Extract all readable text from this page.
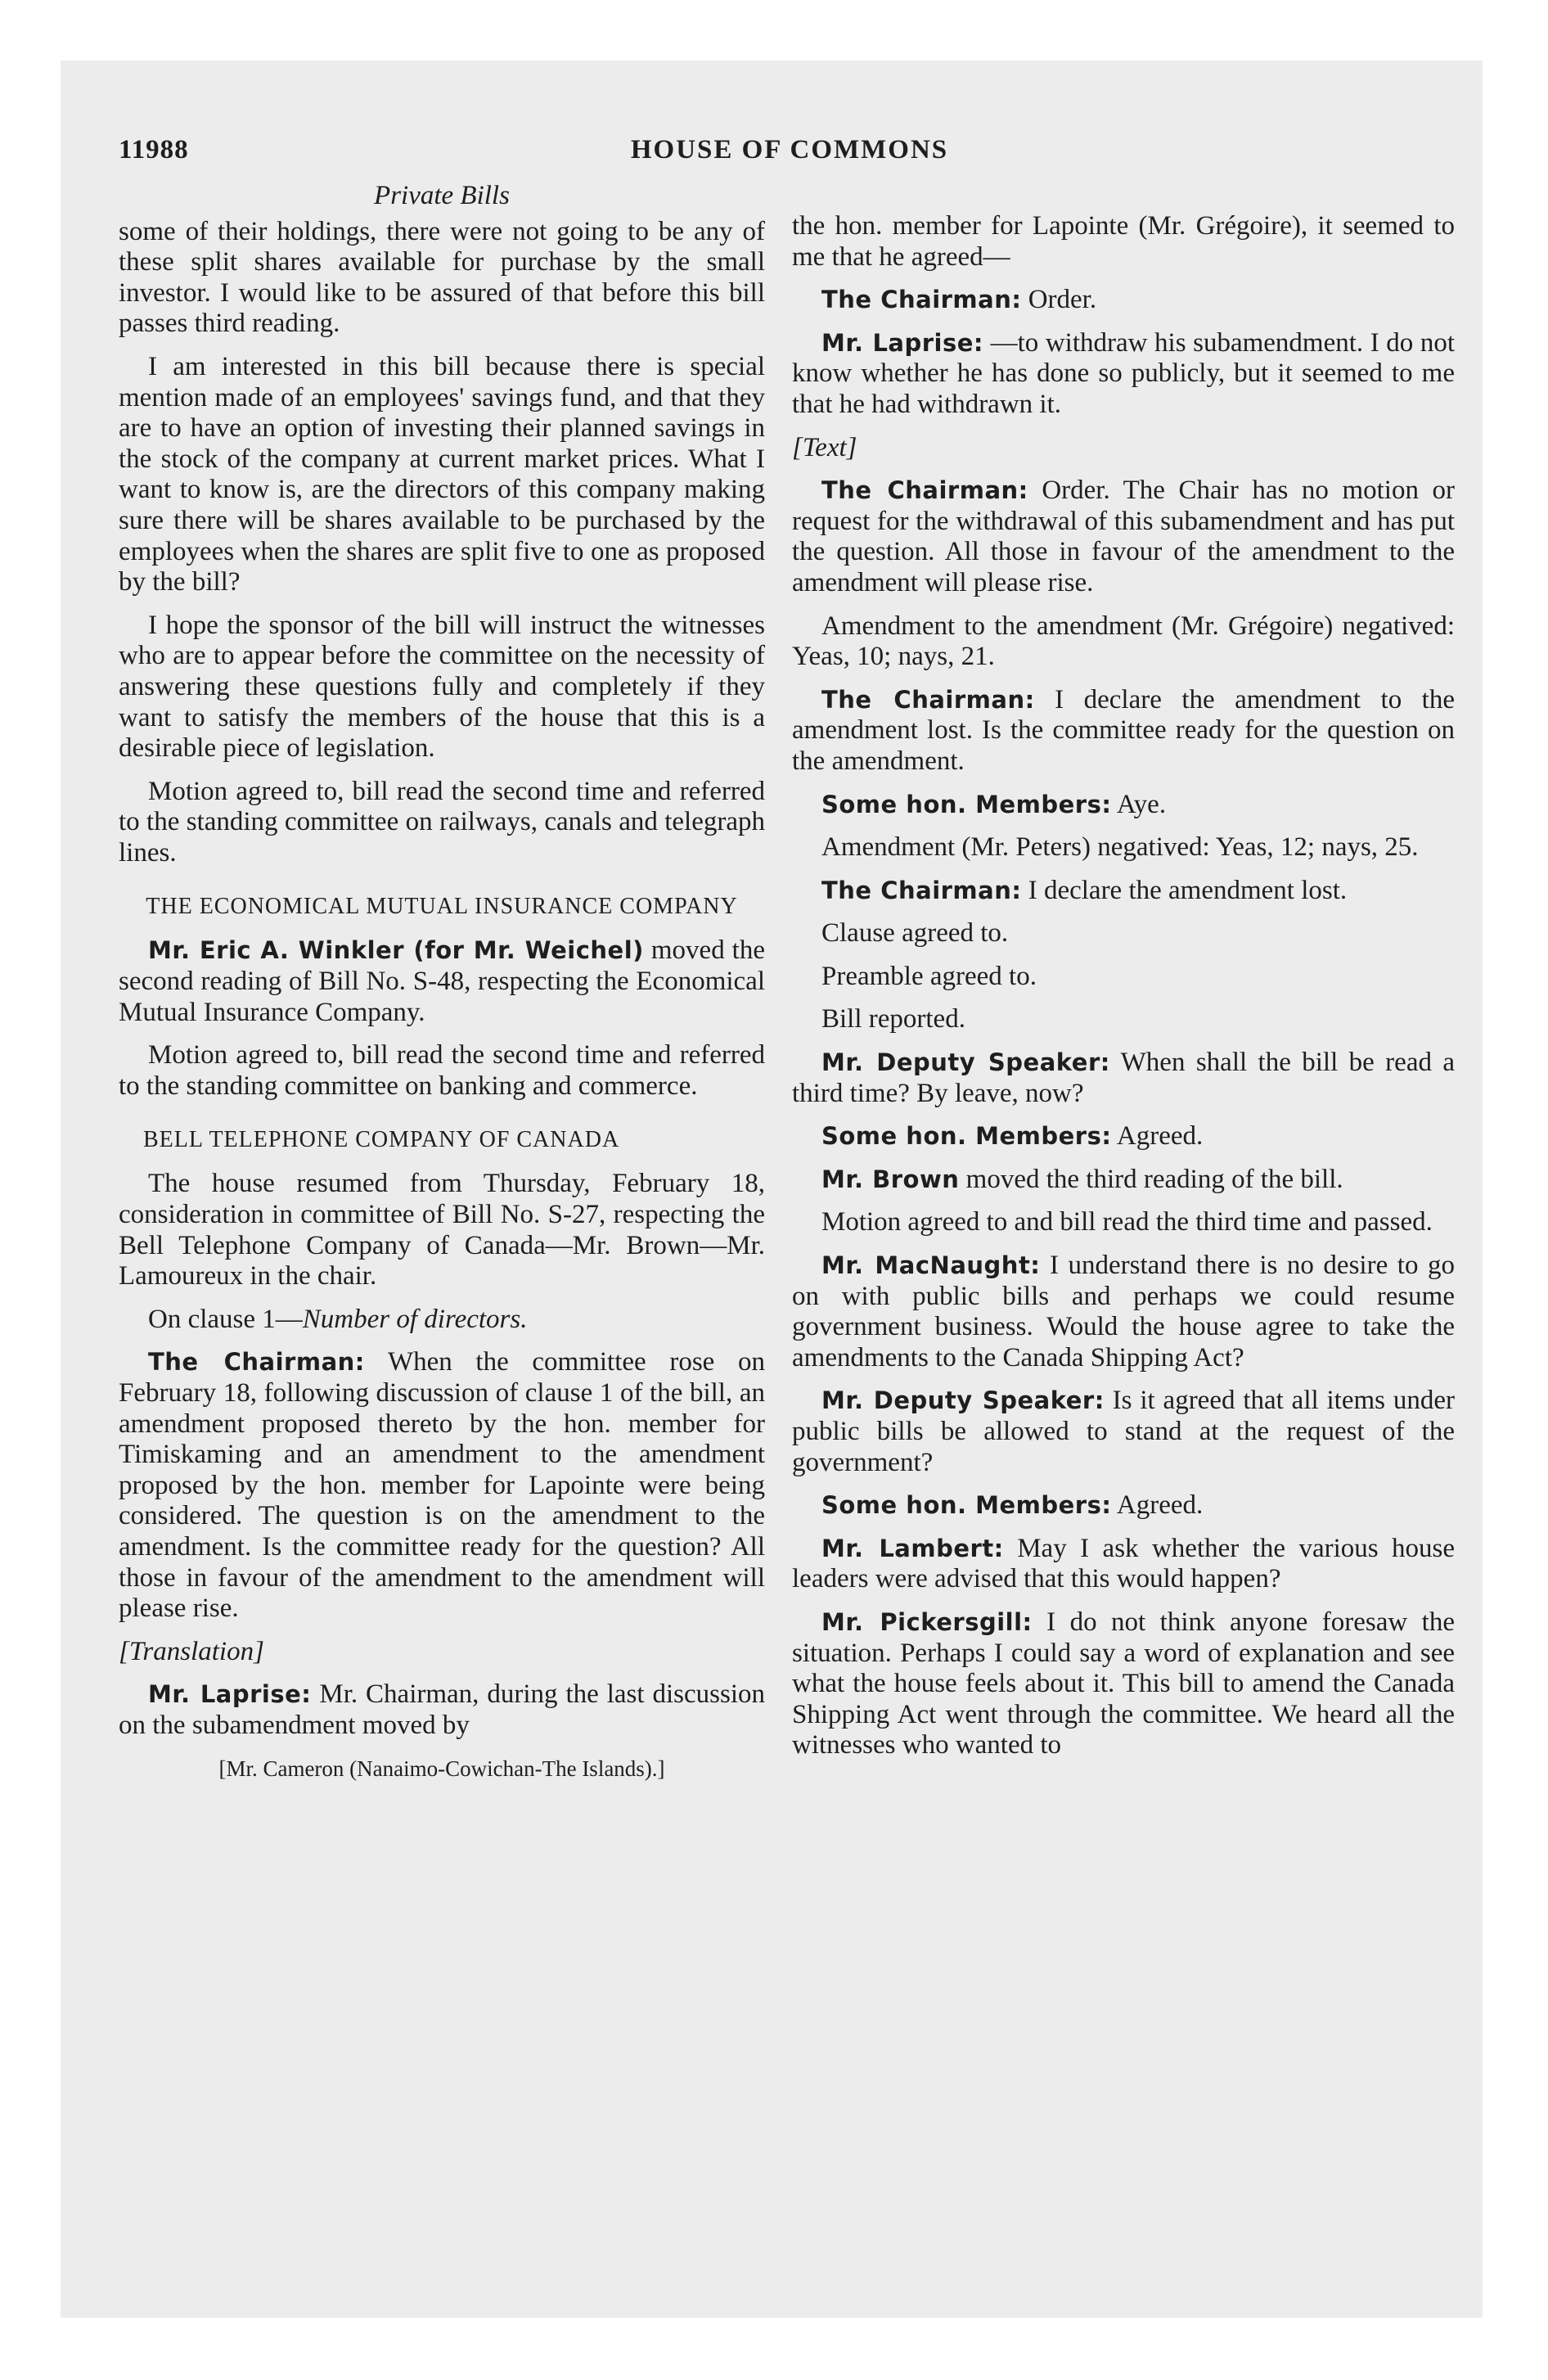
11988	HOUSE OF COMMONS
Private Bills

some of their holdings, there were not going to be any of these split shares available for purchase by the small investor. I would like to be assured of that before this bill passes third reading.

I am interested in this bill because there is special mention made of an employees' savings fund, and that they are to have an option of investing their planned savings in the stock of the company at current market prices. What I want to know is, are the directors of this company making sure there will be shares available to be purchased by the employees when the shares are split five to one as proposed by the bill?

I hope the sponsor of the bill will instruct the witnesses who are to appear before the committee on the necessity of answering these questions fully and completely if they want to satisfy the members of the house that this is a desirable piece of legislation.

Motion agreed to, bill read the second time and referred to the standing committee on railways, canals and telegraph lines.

THE ECONOMICAL MUTUAL INSURANCE COMPANY

Mr. Eric A. Winkler (for Mr. Weichel) moved the second reading of Bill No. S-48, respecting the Economical Mutual Insurance Company.

Motion agreed to, bill read the second time and referred to the standing committee on banking and commerce.

BELL TELEPHONE COMPANY OF CANADA

The house resumed from Thursday, February 18, consideration in committee of Bill No. S-27, respecting the Bell Telephone Company of Canada—Mr. Brown—Mr. Lamoureux in the chair.

On clause 1—Number of directors.

The Chairman: When the committee rose on February 18, following discussion of clause 1 of the bill, an amendment proposed thereto by the hon. member for Timiskaming and an amendment to the amendment proposed by the hon. member for Lapointe were being considered. The question is on the amendment to the amendment. Is the committee ready for the question? All those in favour of the amendment to the amendment will please rise.

[Translation]

Mr. Laprise: Mr. Chairman, during the last discussion on the subamendment moved by

[Mr. Cameron (Nanaimo-Cowichan-The Islands).]

the hon. member for Lapointe (Mr. Grégoire), it seemed to me that he agreed—

The Chairman: Order.

Mr. Laprise: —to withdraw his subamendment. I do not know whether he has done so publicly, but it seemed to me that he had withdrawn it.

[Text]

The Chairman: Order. The Chair has no motion or request for the withdrawal of this subamendment and has put the question. All those in favour of the amendment to the amendment will please rise.

Amendment to the amendment (Mr. Grégoire) negatived: Yeas, 10; nays, 21.

The Chairman: I declare the amendment to the amendment lost. Is the committee ready for the question on the amendment.

Some hon. Members: Aye.

Amendment (Mr. Peters) negatived: Yeas, 12; nays, 25.

The Chairman: I declare the amendment lost.

Clause agreed to.

Preamble agreed to.

Bill reported.

Mr. Deputy Speaker: When shall the bill be read a third time? By leave, now?

Some hon. Members: Agreed.

Mr. Brown moved the third reading of the bill.

Motion agreed to and bill read the third time and passed.

Mr. MacNaught: I understand there is no desire to go on with public bills and perhaps we could resume government business. Would the house agree to take the amendments to the Canada Shipping Act?

Mr. Deputy Speaker: Is it agreed that all items under public bills be allowed to stand at the request of the government?

Some hon. Members: Agreed.

Mr. Lambert: May I ask whether the various house leaders were advised that this would happen?

Mr. Pickersgill: I do not think anyone foresaw the situation. Perhaps I could say a word of explanation and see what the house feels about it. This bill to amend the Canada Shipping Act went through the committee. We heard all the witnesses who wanted to
